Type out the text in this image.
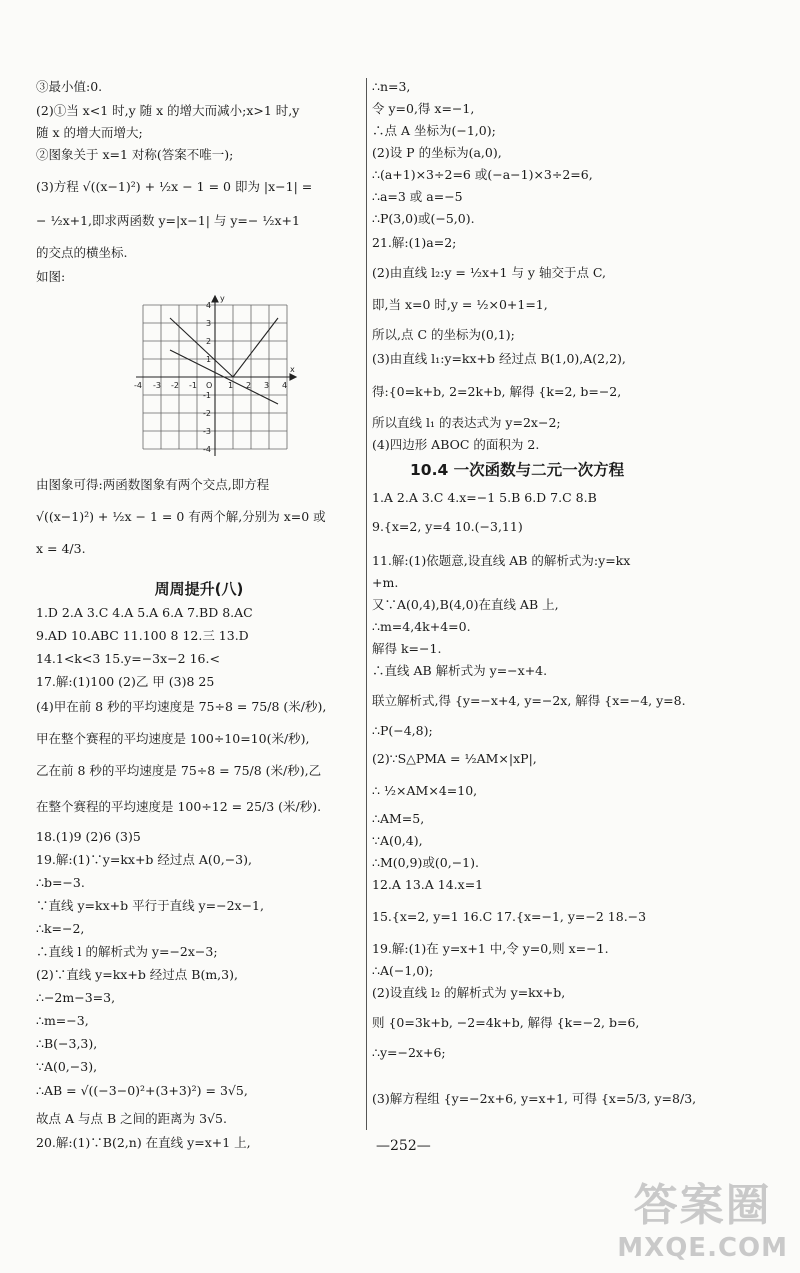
③最小值:0.
(2)①当 x<1 时,y 随 x 的增大而减小;x>1 时,y
随 x 的增大而增大;
②图象关于 x=1 对称(答案不唯一);
(3)方程 √((x−1)²) + ½x − 1 = 0 即为 |x−1| =
− ½x+1,即求两函数 y=|x−1| 与 y=− ½x+1
的交点的横坐标.
如图:
-4 -3 -2 -1 O 1 2 3 4
x
4
3
2
1
-1
-2
-3
-4
y
由图象可得:两函数图象有两个交点,即方程
√((x−1)²) + ½x − 1 = 0 有两个解,分别为 x=0 或
x = 4/3.
周周提升(八)
1.D 2.A 3.C 4.A 5.A 6.A 7.BD 8.AC
9.AD 10.ABC 11.100 8 12.三 13.D
14.1<k<3 15.y=−3x−2 16.<
17.解:(1)100 (2)乙 甲 (3)8 25
(4)甲在前 8 秒的平均速度是 75÷8 = 75/8 (米/秒),
甲在整个赛程的平均速度是 100÷10=10(米/秒),
乙在前 8 秒的平均速度是 75÷8 = 75/8 (米/秒),乙
在整个赛程的平均速度是 100÷12 = 25/3 (米/秒).
18.(1)9 (2)6 (3)5
19.解:(1)∵y=kx+b 经过点 A(0,−3),
∴b=−3.
∵直线 y=kx+b 平行于直线 y=−2x−1,
∴k=−2,
∴直线 l 的解析式为 y=−2x−3;
(2)∵直线 y=kx+b 经过点 B(m,3),
∴−2m−3=3,
∴m=−3,
∴B(−3,3),
∵A(0,−3),
∴AB = √((−3−0)²+(3+3)²) = 3√5,
故点 A 与点 B 之间的距离为 3√5.
20.解:(1)∵B(2,n) 在直线 y=x+1 上,
∴n=3,
令 y=0,得 x=−1,
∴点 A 坐标为(−1,0);
(2)设 P 的坐标为(a,0),
∴(a+1)×3÷2=6 或(−a−1)×3÷2=6,
∴a=3 或 a=−5
∴P(3,0)或(−5,0).
21.解:(1)a=2;
(2)由直线 l₂:y = ½x+1 与 y 轴交于点 C,
即,当 x=0 时,y = ½×0+1=1,
所以,点 C 的坐标为(0,1);
(3)由直线 l₁:y=kx+b 经过点 B(1,0),A(2,2),
得:{0=k+b, 2=2k+b, 解得 {k=2, b=−2,
所以直线 l₁ 的表达式为 y=2x−2;
(4)四边形 ABOC 的面积为 2.
10.4 一次函数与二元一次方程
1.A 2.A 3.C 4.x=−1 5.B 6.D 7.C 8.B
9.{x=2, y=4 10.(−3,11)
11.解:(1)依题意,设直线 AB 的解析式为:y=kx
+m.
又∵A(0,4),B(4,0)在直线 AB 上,
∴m=4,4k+4=0.
解得 k=−1.
∴直线 AB 解析式为 y=−x+4.
联立解析式,得 {y=−x+4, y=−2x, 解得 {x=−4, y=8.
∴P(−4,8);
(2)∵S△PMA = ½AM×|xP|,
∴ ½×AM×4=10,
∴AM=5,
∵A(0,4),
∴M(0,9)或(0,−1).
12.A 13.A 14.x=1
15.{x=2, y=1 16.C 17.{x=−1, y=−2 18.−3
19.解:(1)在 y=x+1 中,令 y=0,则 x=−1.
∴A(−1,0);
(2)设直线 l₂ 的解析式为 y=kx+b,
则 {0=3k+b, −2=4k+b, 解得 {k=−2, b=6,
∴y=−2x+6;
(3)解方程组 {y=−2x+6, y=x+1, 可得 {x=5/3, y=8/3,
—252—
答案圈
MXQE.COM
